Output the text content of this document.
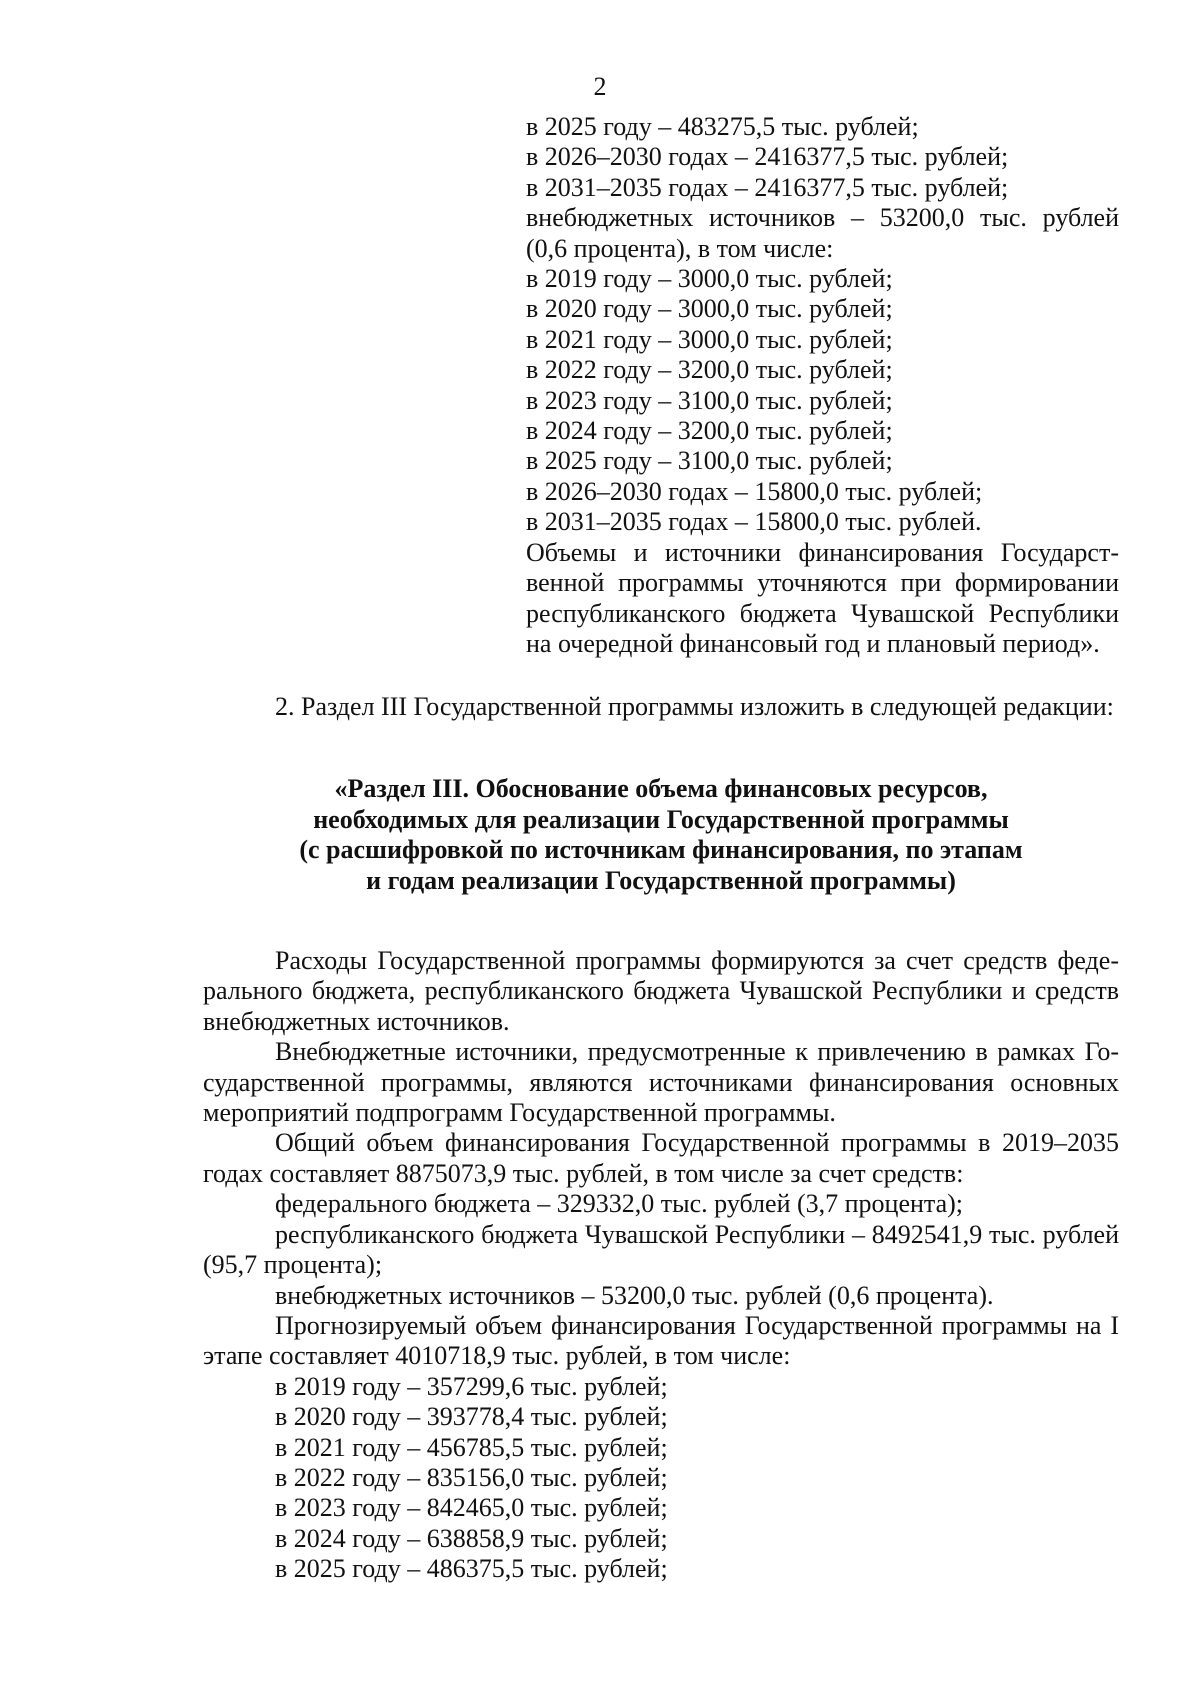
2
в 2025 году – 483275,5 тыс. рублей;
в 2026–2030 годах – 2416377,5 тыс. рублей;
в 2031–2035 годах – 2416377,5 тыс. рублей;
внебюджетных источников – 53200,0 тыс. рублей
(0,6 процента), в том числе:
в 2019 году – 3000,0 тыс. рублей;
в 2020 году – 3000,0 тыс. рублей;
в 2021 году – 3000,0 тыс. рублей;
в 2022 году – 3200,0 тыс. рублей;
в 2023 году – 3100,0 тыс. рублей;
в 2024 году – 3200,0 тыс. рублей;
в 2025 году – 3100,0 тыс. рублей;
в 2026–2030 годах – 15800,0 тыс. рублей;
в 2031–2035 годах – 15800,0 тыс. рублей.
Объемы и источники финансирования Государственной программы уточняются при формировании республиканского бюджета Чувашской Республики на очередной финансовый год и плановый период».

2. Раздел III Государственной программы изложить в следующей редакции:

«Раздел III. Обоснование объема финансовых ресурсов,
необходимых для реализации Государственной программы
(с расшифровкой по источникам финансирования, по этапам
и годам реализации Государственной программы)

Расходы Государственной программы формируются за счет средств федерального бюджета, республиканского бюджета Чувашской Республики и средств внебюджетных источников.

Внебюджетные источники, предусмотренные к привлечению в рамках Государственной программы, являются источниками финансирования основных мероприятий подпрограмм Государственной программы.

Общий объем финансирования Государственной программы в 2019–2035 годах составляет 8875073,9 тыс. рублей, в том числе за счет средств:

федерального бюджета – 329332,0 тыс. рублей (3,7 процента);

республиканского бюджета Чувашской Республики – 8492541,9 тыс. рублей (95,7 процента);

внебюджетных источников – 53200,0 тыс. рублей (0,6 процента).

Прогнозируемый объем финансирования Государственной программы на I этапе составляет 4010718,9 тыс. рублей, в том числе:

в 2019 году – 357299,6 тыс. рублей;
в 2020 году – 393778,4 тыс. рублей;
в 2021 году – 456785,5 тыс. рублей;
в 2022 году – 835156,0 тыс. рублей;
в 2023 году – 842465,0 тыс. рублей;
в 2024 году – 638858,9 тыс. рублей;
в 2025 году – 486375,5 тыс. рублей;
